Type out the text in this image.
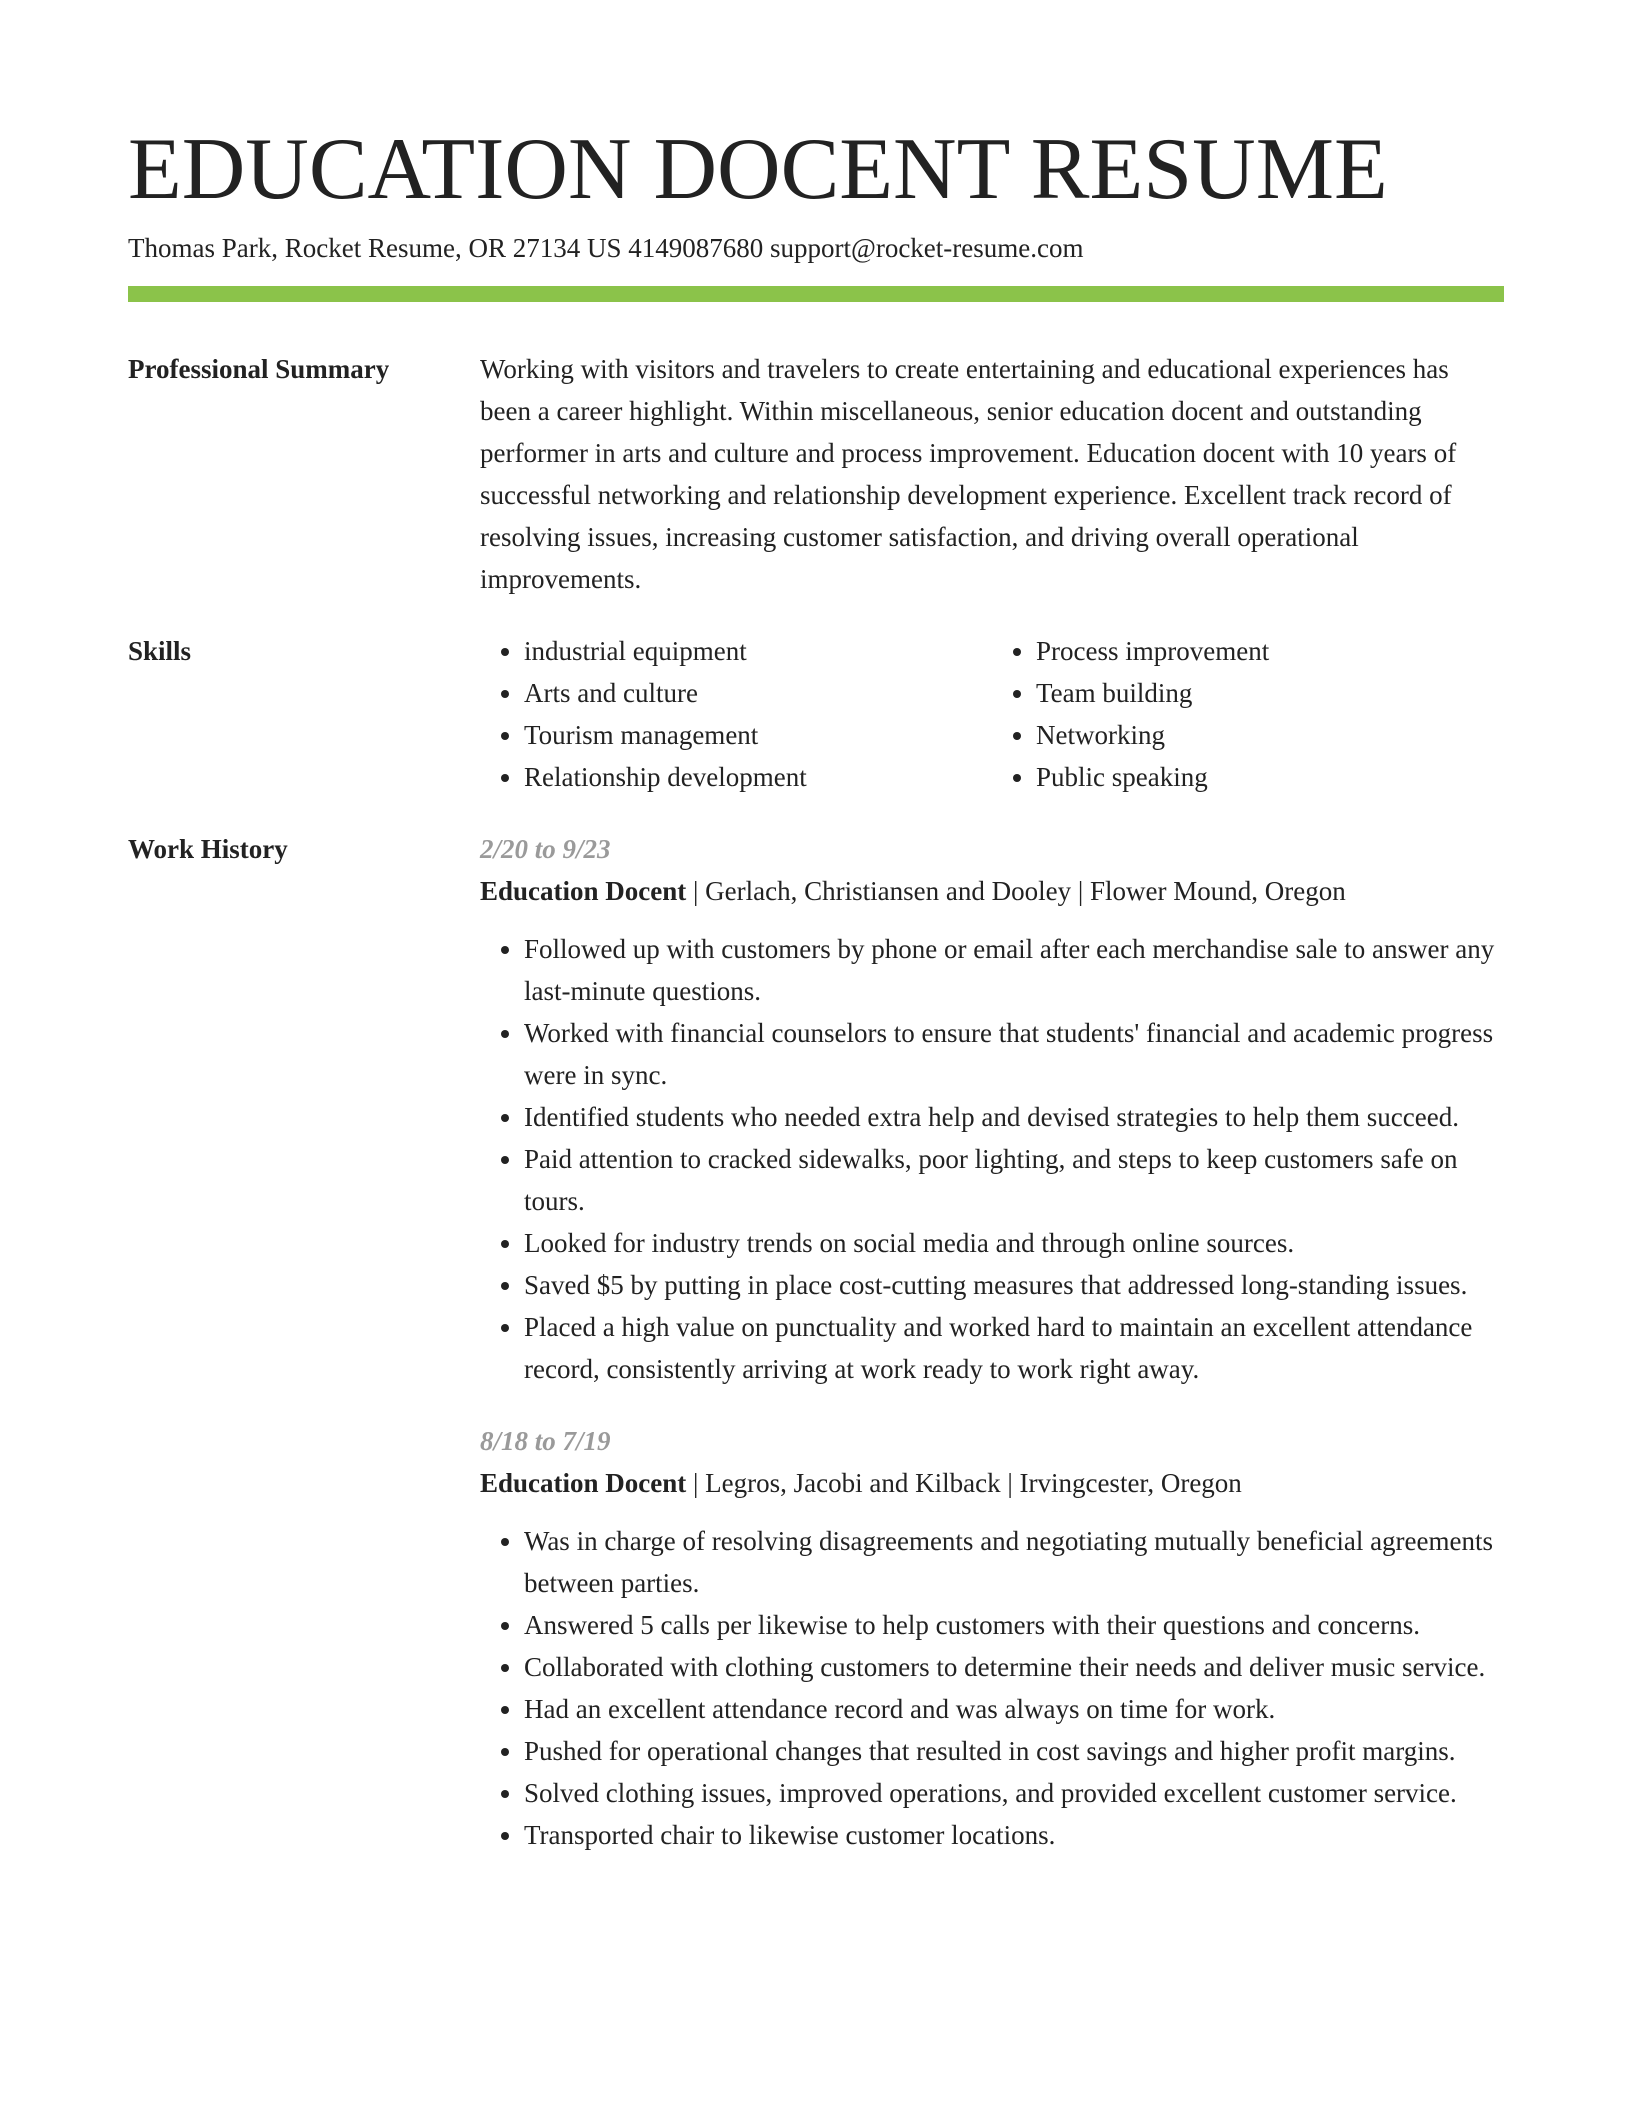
EDUCATION DOCENT RESUME
Thomas Park, Rocket Resume, OR 27134 US 4149087680 support@rocket-resume.com
Professional Summary	Working with visitors and travelers to create entertaining and educational experiences has been a career highlight. Within miscellaneous, senior education docent and outstanding performer in arts and culture and process improvement. Education docent with 10 years of successful networking and relationship development experience. Excellent track record of resolving issues, increasing customer satisfaction, and driving overall operational improvements.

Skills
•	industrial equipment
• Arts and culture
• Tourism management
• Relationship development
• Process improvement
• Team building
• Networking
• Public speaking
Work History	2/20 to 9/23
Education Docent | Gerlach, Christiansen and Dooley | Flower Mound, Oregon
• Followed up with customers by phone or email after each merchandise sale to answer any last-minute questions.
• Worked with financial counselors to ensure that students' financial and academic progress were in sync.
• Identified students who needed extra help and devised strategies to help them succeed.
• Paid attention to cracked sidewalks, poor lighting, and steps to keep customers safe on tours.
• Looked for industry trends on social media and through online sources.
• Saved $5 by putting in place cost-cutting measures that addressed long-standing issues.
• Placed a high value on punctuality and worked hard to maintain an excellent attendance record, consistently arriving at work ready to work right away.
8/18 to 7/19
Education Docent | Legros, Jacobi and Kilback | Irvingcester, Oregon
• Was in charge of resolving disagreements and negotiating mutually beneficial agreements between parties.
• Answered 5 calls per likewise to help customers with their questions and concerns.
• Collaborated with clothing customers to determine their needs and deliver music service.
• Had an excellent attendance record and was always on time for work.
• Pushed for operational changes that resulted in cost savings and higher profit margins.
• Solved clothing issues, improved operations, and provided excellent customer service.
• Transported chair to likewise customer locations.
